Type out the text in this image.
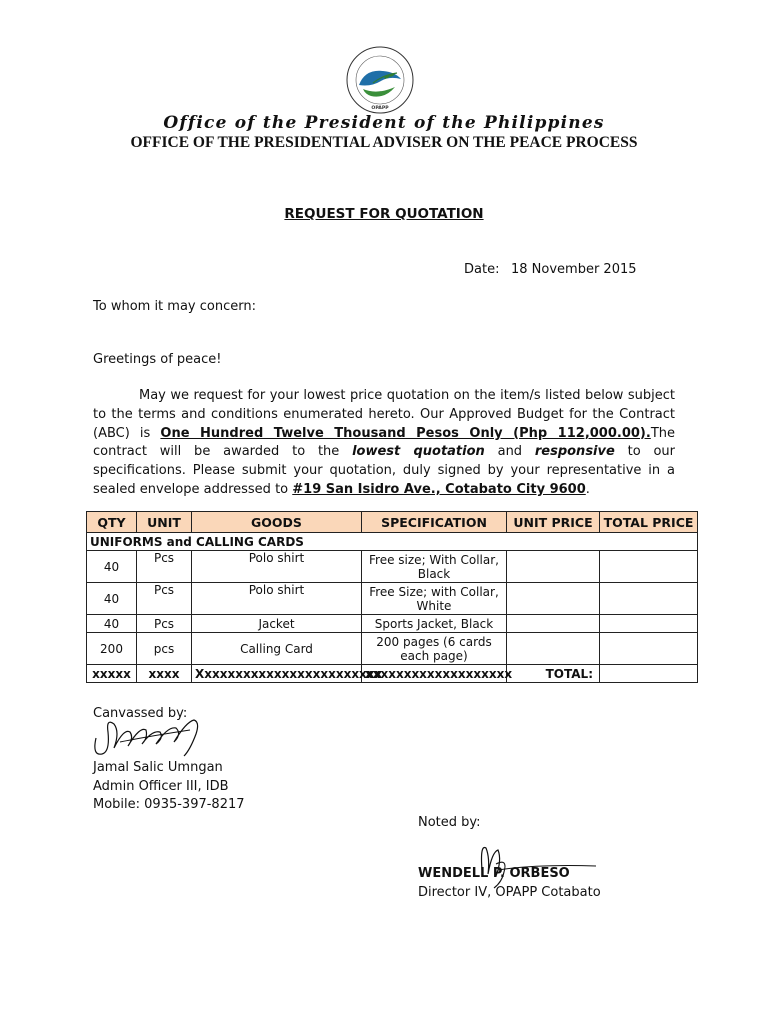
OPAPP
Office of the President of the Philippines
OFFICE OF THE PRESIDENTIAL ADVISER ON THE PEACE PROCESS
REQUEST FOR QUOTATION
Date: 18 November 2015
To whom it may concern:
Greetings of peace!
May we request for your lowest price quotation on the item/s listed below subject to the terms and conditions enumerated hereto. Our Approved Budget for the Contract (ABC) is One Hundred Twelve Thousand Pesos Only (Php 112,000.00).The contract will be awarded to the lowest quotation and responsive to our specifications. Please submit your quotation, duly signed by your representative in a sealed envelope addressed to #19 San Isidro Ave., Cotabato City 9600.
QTY	UNIT	GOODS	SPECIFICATION	UNIT PRICE	TOTAL PRICE
UNIFORMS and CALLING CARDS					
40	Pcs	Polo shirt	Free size; With Collar, Black		
40	Pcs	Polo shirt	Free Size; with Collar, White		
40	Pcs	Jacket	Sports Jacket, Black		
200	pcs	Calling Card	200 pages (6 cards each page)		
xxxxx	xxxx	Xxxxxxxxxxxxxxxxxxxxxxxx	xxxxxxxxxxxxxxxxxxx	TOTAL:	
Canvassed by:
Jamal Salic Umngan
Admin Officer III, IDB
Mobile: 0935-397-8217
Noted by:
WENDELL P. ORBESO
Director IV, OPAPP Cotabato
